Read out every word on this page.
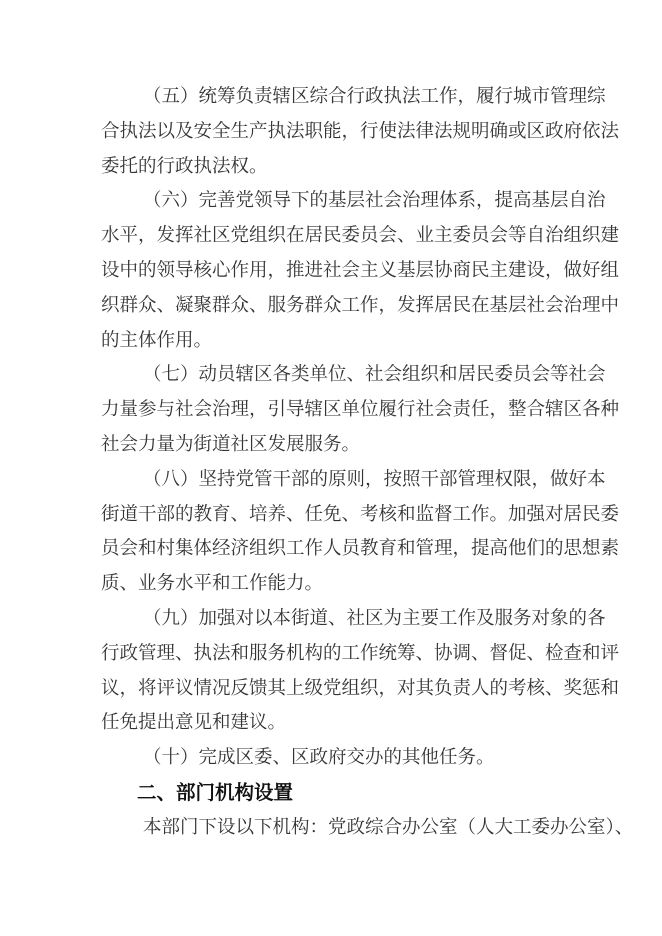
（五）统筹负责辖区综合行政执法工作，履行城市管理综
合执法以及安全生产执法职能，行使法律法规明确或区政府依法
委托的行政执法权。
（六）完善党领导下的基层社会治理体系，提高基层自治
水平，发挥社区党组织在居民委员会、业主委员会等自治组织建
设中的领导核心作用，推进社会主义基层协商民主建设，做好组
织群众、凝聚群众、服务群众工作，发挥居民在基层社会治理中
的主体作用。
（七）动员辖区各类单位、社会组织和居民委员会等社会
力量参与社会治理，引导辖区单位履行社会责任，整合辖区各种
社会力量为街道社区发展服务。
（八）坚持党管干部的原则，按照干部管理权限，做好本
街道干部的教育、培养、任免、考核和监督工作。加强对居民委
员会和村集体经济组织工作人员教育和管理，提高他们的思想素
质、业务水平和工作能力。
（九）加强对以本街道、社区为主要工作及服务对象的各
行政管理、执法和服务机构的工作统筹、协调、督促、检查和评
议，将评议情况反馈其上级党组织，对其负责人的考核、奖惩和
任免提出意见和建议。
（十）完成区委、区政府交办的其他任务。
二、部门机构设置
本部门下设以下机构：党政综合办公室（人大工委办公室）、
